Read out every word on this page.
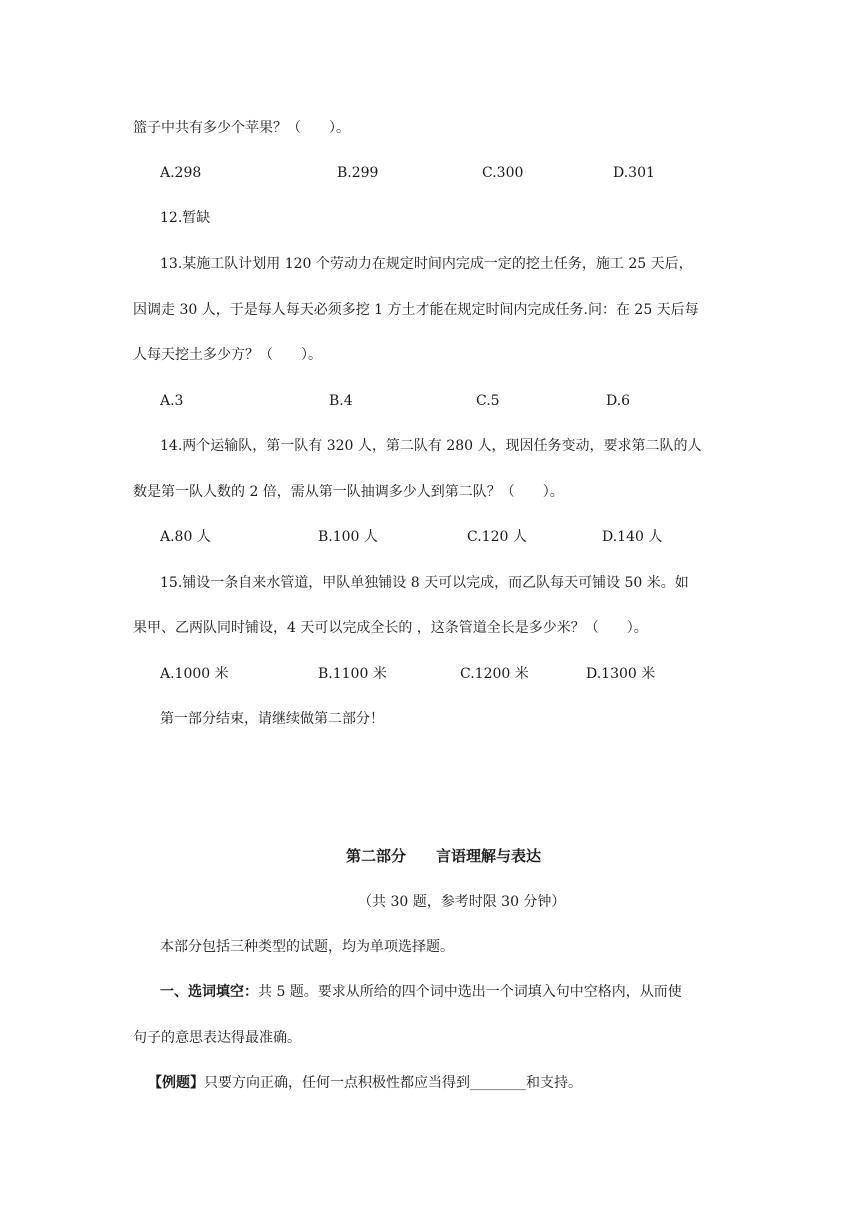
篮子中共有多少个苹果？（　　）。
A.298	B.299	C.300	D.301
12.暂缺
13.某施工队计划用 120 个劳动力在规定时间内完成一定的挖土任务，施工 25 天后，
因调走 30 人，于是每人每天必须多挖 1 方土才能在规定时间内完成任务.问：在 25 天后每
人每天挖土多少方？（　　）。
A.3	B.4	C.5	D.6
14.两个运输队，第一队有 320 人，第二队有 280 人，现因任务变动，要求第二队的人
数是第一队人数的 2 倍，需从第一队抽调多少人到第二队？（　　）。
A.80 人	B.100 人	C.120 人	D.140 人
15.铺设一条自来水管道，甲队单独铺设 8 天可以完成，而乙队每天可铺设 50 米。如
果甲、乙两队同时铺设，4 天可以完成全长的 ，这条管道全长是多少米？（　　）。
A.1000 米	B.1100 米	C.1200 米	D.1300 米
第一部分结束，请继续做第二部分！
第二部分　　言语理解与表达
（共 30 题，参考时限 30 分钟）
本部分包括三种类型的试题，均为单项选择题。
一、选词填空：共 5 题。要求从所给的四个词中选出一个词填入句中空格内，从而使
句子的意思表达得最准确。
【例题】只要方向正确，任何一点积极性都应当得到________和支持。
